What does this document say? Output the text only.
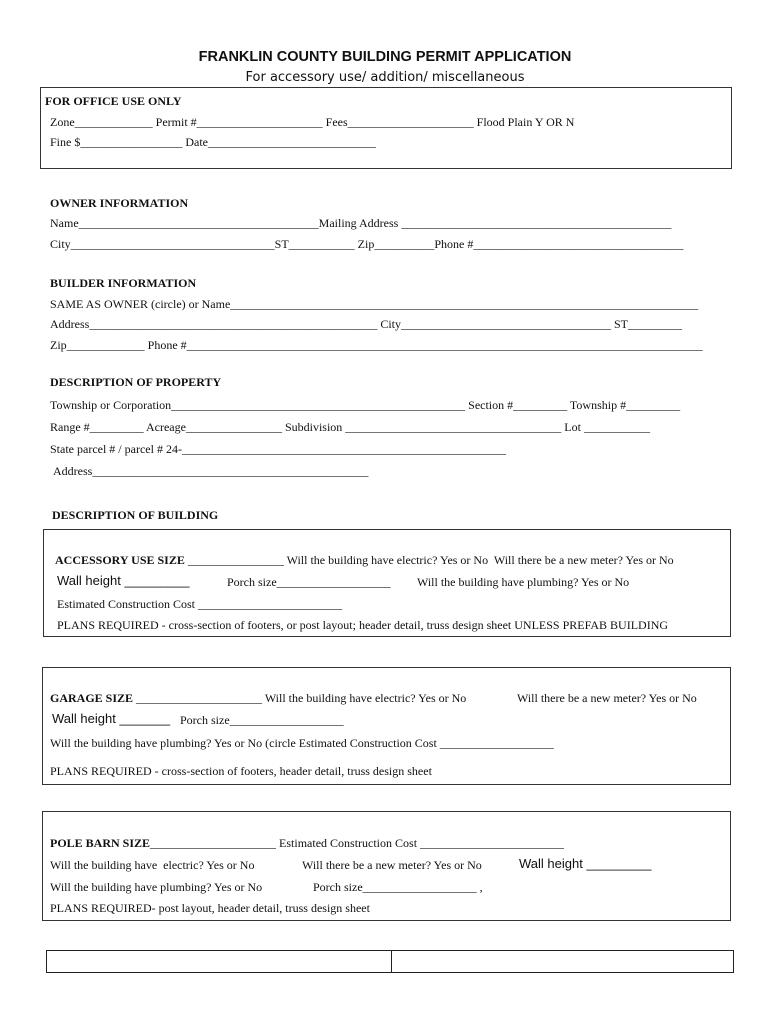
FRANKLIN COUNTY BUILDING PERMIT APPLICATION
For accessory use/ addition/ miscellaneous
FOR OFFICE USE ONLY
Zone_____________ Permit #_____________________ Fees_____________________ Flood Plain Y OR N
Fine $_________________ Date____________________________
OWNER INFORMATION
Name________________________________________Mailing Address _____________________________________________
City__________________________________ST___________ Zip__________Phone #___________________________________
BUILDER INFORMATION
SAME AS OWNER (circle) or Name______________________________________________________________________________
Address________________________________________________ City___________________________________ ST_________
Zip_____________ Phone #______________________________________________________________________________________
DESCRIPTION OF PROPERTY
Township or Corporation_________________________________________________ Section #_________ Township #_________
Range #_________ Acreage________________ Subdivision ____________________________________ Lot ___________
State parcel # / parcel # 24-______________________________________________________
Address______________________________________________
DESCRIPTION OF BUILDING
ACCESSORY USE SIZE ________________ Will the building have electric? Yes or No  Will there be a new meter? Yes or No
Wall height _________	Porch size___________________ Will the building have plumbing? Yes or No
Estimated Construction Cost ________________________
PLANS REQUIRED - cross-section of footers, or post layout; header detail, truss design sheet UNLESS PREFAB BUILDING
GARAGE SIZE _____________________ Will the building have electric? Yes or No	Will there be a new meter? Yes or No
Wall height _______ Porch size___________________
Will the building have plumbing? Yes or No (circle Estimated Construction Cost ___________________
PLANS REQUIRED - cross-section of footers, header detail, truss design sheet
POLE BARN SIZE_____________________ Estimated Construction Cost ________________________
Will the building have  electric? Yes or No	Will there be a new meter? Yes or No	Wall height _________
Will the building have plumbing? Yes or No	Porch size___________________ ,
PLANS REQUIRED- post layout, header detail, truss design sheet
